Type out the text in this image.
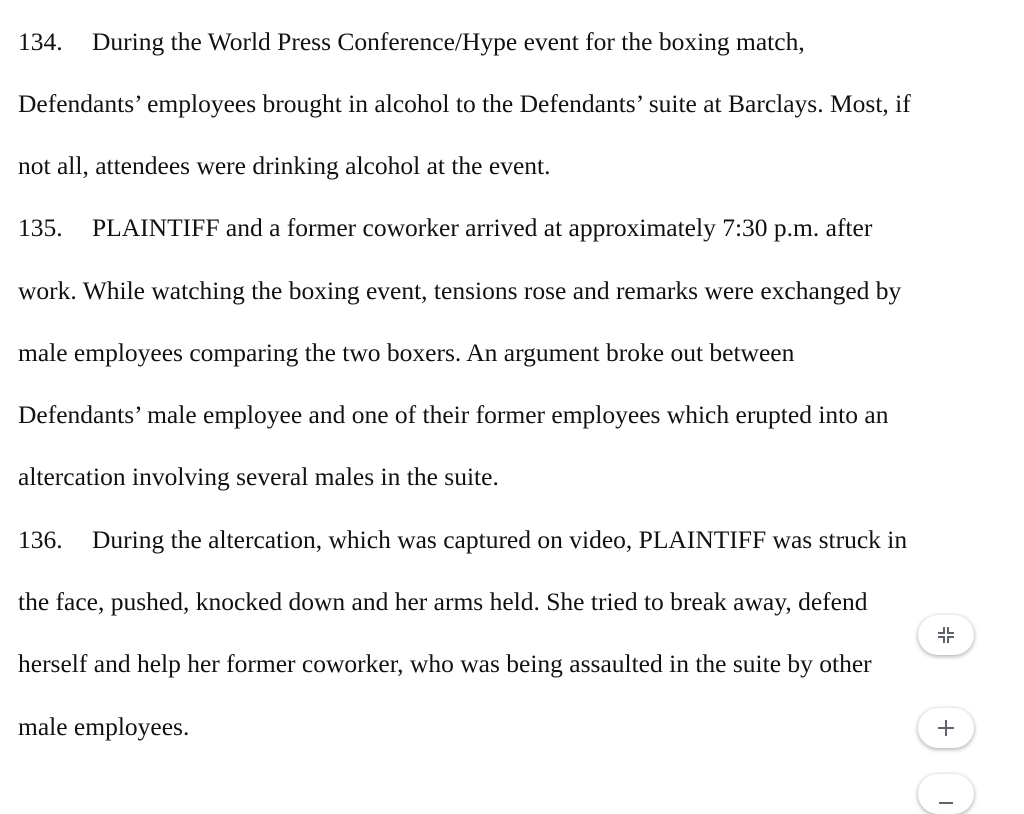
134. During the World Press Conference/Hype event for the boxing match,
Defendants’ employees brought in alcohol to the Defendants’ suite at Barclays. Most, if
not all, attendees were drinking alcohol at the event.
135. PLAINTIFF and a former coworker arrived at approximately 7:30 p.m. after
work. While watching the boxing event, tensions rose and remarks were exchanged by
male employees comparing the two boxers. An argument broke out between
Defendants’ male employee and one of their former employees which erupted into an
altercation involving several males in the suite.
136. During the altercation, which was captured on video, PLAINTIFF was struck in
the face, pushed, knocked down and her arms held. She tried to break away, defend
herself and help her former coworker, who was being assaulted in the suite by other
male employees.
